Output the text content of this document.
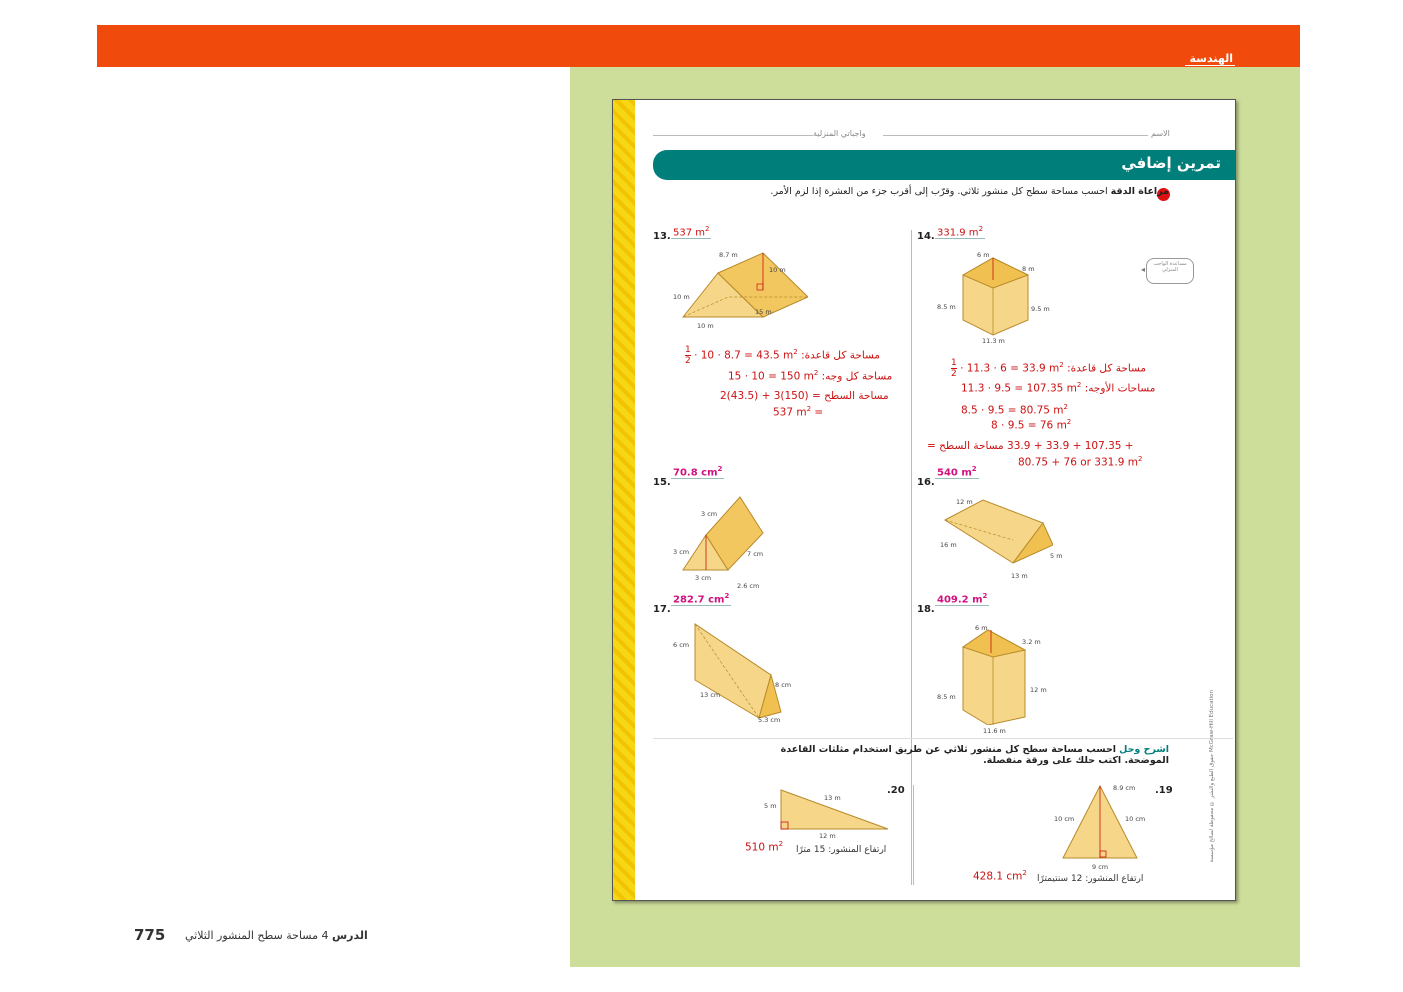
الهندسة
واجباتي المنزلية	الاسم
تمرين إضافي
مراعاة الدقة احسب مساحة سطح كل منشور ثلاثي. وقرّب إلى أقرب جزء من العشرة إذا لزم الأمر.
مساعدة الواجب المنزلي
◂
13. 537 $m^2$
8.7 m
10 m
10 m
15 m
10 m
$\frac{1}{2} \cdot 10 \cdot 8.7 = 43.5$ $m^2$ مساحة كل قاعدة:
15 · 10 = 150 $m^2$ مساحة كل وجه:
2(43.5) + 3(150) = مساحة السطح
537 $m^2$ =
14. 331.9 $m^2$
6 m
8 m
8.5 m	9.5 m
11.3 m
$\frac{1}{2} \cdot 11.3 \cdot 6 = 33.9$ $m^2$ مساحة كل قاعدة:
11.3 · 9.5 = 107.35 $m^2$ مساحات الأوجه:
8.5 · 9.5 = 80.75 $m^2$
8 · 9.5 = 76 $m^2$
مساحة السطح = 33.9 + 33.9 + 107.35 +
80.75 + 76 or 331.9 $m^2$
15.
70.8 $cm^2$
3 cm
3 cm	7 cm
3 cm
2.6 cm
16.
540 $m^2$
12 m
16 m
5 m
13 m
17.
282.7 $cm^2$
6 cm
8 cm
13 cm
5.3 cm
18.
409.2 $m^2$
6 m
3.2 m
8.5 m
12 m
11.6 m
اشرح وحل احسب مساحة سطح كل منشور ثلاثي عن طريق استخدام مثلثات القاعدة الموضحة. اكتب حلك على ورقة منفصلة.
.20
13 m
5 m
12 m
510 $m^2$
ارتفاع المنشور: 15 مترًا
.19
8.9 cm
10 cm	10 cm
9 cm
428.1 $cm^2$
ارتفاع المنشور: 12 سنتيمترًا
حقوق الطبع والنشر © محفوظة لصالح مؤسسة McGraw-Hill Education
775	الدرس 4 مساحة سطح المنشور الثلاثي
